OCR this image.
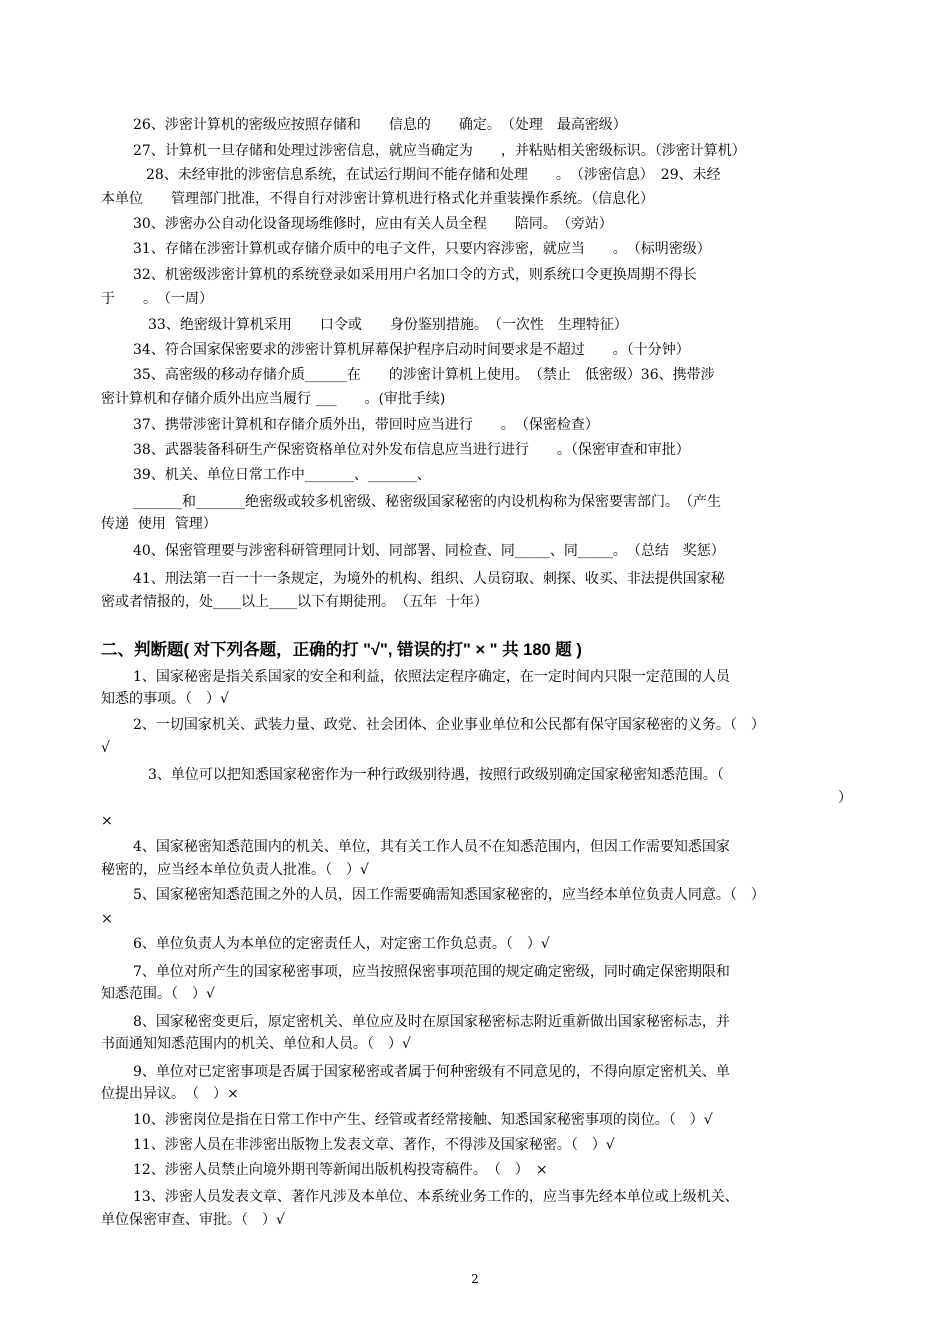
26、涉密计算机的密级应按照存储和　　信息的　　确定。　（处理　最高密级）
27、计算机一旦存储和处理过涉密信息，就应当确定为　　，并粘贴相关密级标识。（涉密计算机）
28、未经审批的涉密信息系统，在试运行期间不能存储和处理　　。　（涉密信息）　29、未经
本单位　　管理部门批准，不得自行对涉密计算机进行格式化并重装操作系统。（信息化）
30、涉密办公自动化设备现场维修时，应由有关人员全程　　陪同。　（旁站）
31、存储在涉密计算机或存储介质中的电子文件，只要内容涉密，就应当　　。　（标明密级）
32、机密级涉密计算机的系统登录如采用用户名加口令的方式，则系统口令更换周期不得长
于　　。　（一周）
33、绝密级计算机采用　　口令或　　身份鉴别措施。　（一次性　生理特征）
34、符合国家保密要求的涉密计算机屏幕保护程序启动时间要求是不超过　　。（十分钟）
35、高密级的移动存储介质______在　　的涉密计算机上使用。　（禁止　低密级）36、携带涉
密计算机和存储介质外出应当履行 ___　　。(审批手续)
37、携带涉密计算机和存储介质外出，带回时应当进行　　。　（保密检查）
38、武器装备科研生产保密资格单位对外发布信息应当进行进行　　。（保密审查和审批）
39、机关、单位日常工作中_______、_______、
_______和_______绝密级或较多机密级、秘密级国家秘密的内设机构称为保密要害部门。　（产生
传递  使用  管理）
40、保密管理要与涉密科研管理同计划、同部署、同检查、同_____、同_____。　（总结　奖惩）
41、刑法第一百一十一条规定，为境外的机构、组织、人员窃取、刺探、收买、非法提供国家秘
密或者情报的，处____以上____以下有期徒刑。　（五年  十年）
二、判断题( 对下列各题，正确的打 "√", 错误的打" × " 共 180 题 )
1、国家秘密是指关系国家的安全和利益，依照法定程序确定，在一定时间内只限一定范围的人员
知悉的事项。（　）√
2、一切国家机关、武装力量、政党、社会团体、企业事业单位和公民都有保守国家秘密的义务。（　）
√
3、单位可以把知悉国家秘密作为一种行政级别待遇，按照行政级别确定国家秘密知悉范围。（
）
×
4、国家秘密知悉范围内的机关、单位，其有关工作人员不在知悉范围内，但因工作需要知悉国家
秘密的，应当经本单位负责人批准。（　）√
5、国家秘密知悉范围之外的人员，因工作需要确需知悉国家秘密的，应当经本单位负责人同意。（　）
×
6、单位负责人为本单位的定密责任人，对定密工作负总责。（　）√
7、单位对所产生的国家秘密事项，应当按照保密事项范围的规定确定密级，同时确定保密期限和
知悉范围。（　）√
8、国家秘密变更后，原定密机关、单位应及时在原国家秘密标志附近重新做出国家秘密标志，并
书面通知知悉范围内的机关、单位和人员。（　）√
9、单位对已定密事项是否属于国家秘密或者属于何种密级有不同意见的，不得向原定密机关、单
位提出异议。　（　）×
10、涉密岗位是指在日常工作中产生、经管或者经常接触、知悉国家秘密事项的岗位。（　）√
11、涉密人员在非涉密出版物上发表文章、著作，不得涉及国家秘密。（　）√
12、涉密人员禁止向境外期刊等新闻出版机构投寄稿件。　（　）　×
13、涉密人员发表文章、著作凡涉及本单位、本系统业务工作的，应当事先经本单位或上级机关、
单位保密审查、审批。（　）√
2
